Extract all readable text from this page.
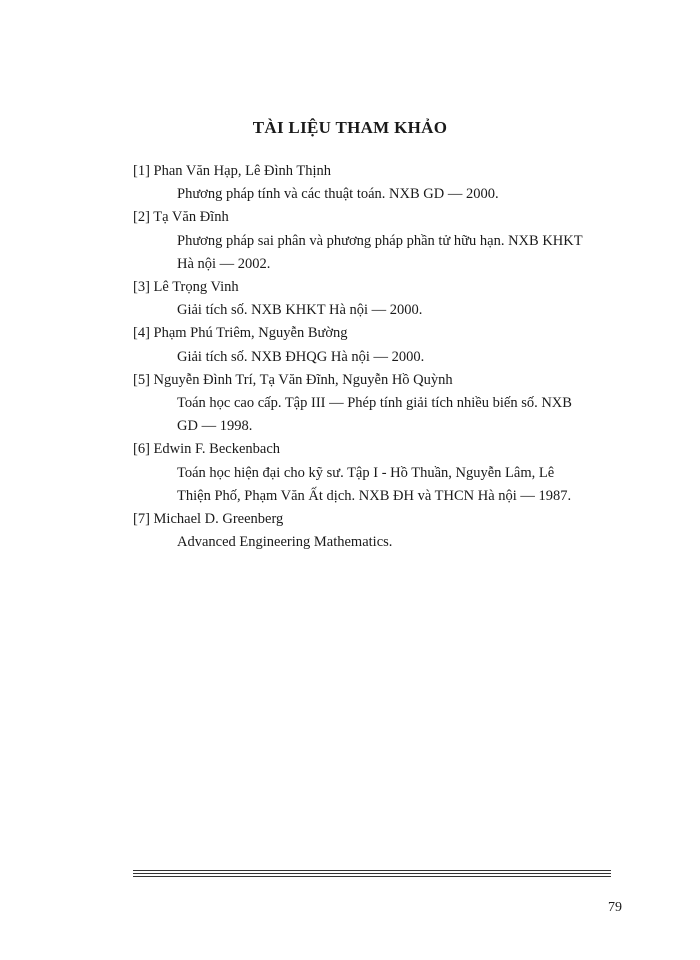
TÀI LIỆU THAM KHẢO

[1] Phan Văn Hạp, Lê Đình Thịnh

Phương pháp tính và các thuật toán. NXB GD — 2000.

[2] Tạ Văn Đĩnh

Phương pháp sai phân và phương pháp phần tử hữu hạn. NXB KHKT

Hà nội — 2002.

[3] Lê Trọng Vinh

Giải tích số. NXB KHKT Hà nội — 2000.

[4] Phạm Phú Triêm, Nguyễn Bường

Giải tích số. NXB ĐHQG Hà nội — 2000.

[5] Nguyễn Đình Trí, Tạ Văn Đĩnh, Nguyễn Hồ Quỳnh

Toán học cao cấp. Tập III — Phép tính giải tích nhiều biến số. NXB

GD — 1998.

[6] Edwin F. Beckenbach

Toán học hiện đại cho kỹ sư. Tập I - Hồ Thuần, Nguyễn Lâm, Lê

Thiện Phố, Phạm Văn Ất dịch. NXB ĐH và THCN Hà nội — 1987.

[7] Michael D. Greenberg

Advanced Engineering Mathematics.

79
